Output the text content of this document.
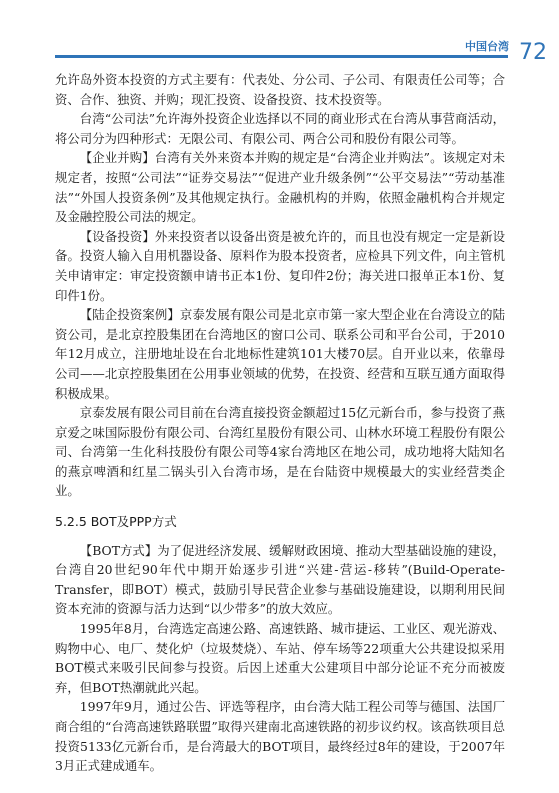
中国台湾 72

允许岛外资本投资的方式主要有：代表处、分公司、子公司、有限责任公司等；合资、合作、独资、并购；现汇投资、设备投资、技术投资等。

台湾“公司法”允许海外投资企业选择以不同的商业形式在台湾从事营商活动，将公司分为四种形式：无限公司、有限公司、两合公司和股份有限公司等。

【企业并购】台湾有关外来资本并购的规定是“台湾企业并购法”。该规定对未规定者，按照“公司法”“证券交易法”“促进产业升级条例”“公平交易法”“劳动基准法”“外国人投资条例”及其他规定执行。金融机构的并购，依照金融机构合并规定及金融控股公司法的规定。

【设备投资】外来投资者以设备出资是被允许的，而且也没有规定一定是新设备。投资人输入自用机器设备、原料作为股本投资者，应检具下列文件，向主管机关申请审定：审定投资额申请书正本1份、复印件2份；海关进口报单正本1份、复印件1份。

【陆企投资案例】京泰发展有限公司是北京市第一家大型企业在台湾设立的陆资公司，是北京控股集团在台湾地区的窗口公司、联系公司和平台公司，于2010年12月成立，注册地址设在台北地标性建筑101大楼70层。自开业以来，依靠母公司——北京控股集团在公用事业领域的优势，在投资、经营和互联互通方面取得积极成果。

京泰发展有限公司目前在台湾直接投资金额超过15亿元新台币，参与投资了燕京爱之味国际股份有限公司、台湾红星股份有限公司、山林水环境工程股份有限公司、台湾第一生化科技股份有限公司等4家台湾地区在地公司，成功地将大陆知名的燕京啤酒和红星二锅头引入台湾市场，是在台陆资中规模最大的实业经营类企业。

5.2.5 BOT及PPP方式

【BOT方式】为了促进经济发展、缓解财政困境、推动大型基础设施的建设，台湾自20世纪90年代中期开始逐步引进“兴建-营运-移转”(Build-Operate-Transfer，即BOT）模式，鼓励引导民营企业参与基础设施建设，以期利用民间资本充沛的资源与活力达到“以少带多”的放大效应。

1995年8月，台湾选定高速公路、高速铁路、城市捷运、工业区、观光游戏、购物中心、电厂、焚化炉（垃圾焚烧）、车站、停车场等22项重大公共建设拟采用BOT模式来吸引民间参与投资。后因上述重大公建项目中部分论证不充分而被废弃，但BOT热潮就此兴起。

1997年9月，通过公告、评选等程序，由台湾大陆工程公司等与德国、法国厂商合组的“台湾高速铁路联盟”取得兴建南北高速铁路的初步议约权。该高铁项目总投资5133亿元新台币，是台湾最大的BOT项目，最终经过8年的建设，于2007年3月正式建成通车。
